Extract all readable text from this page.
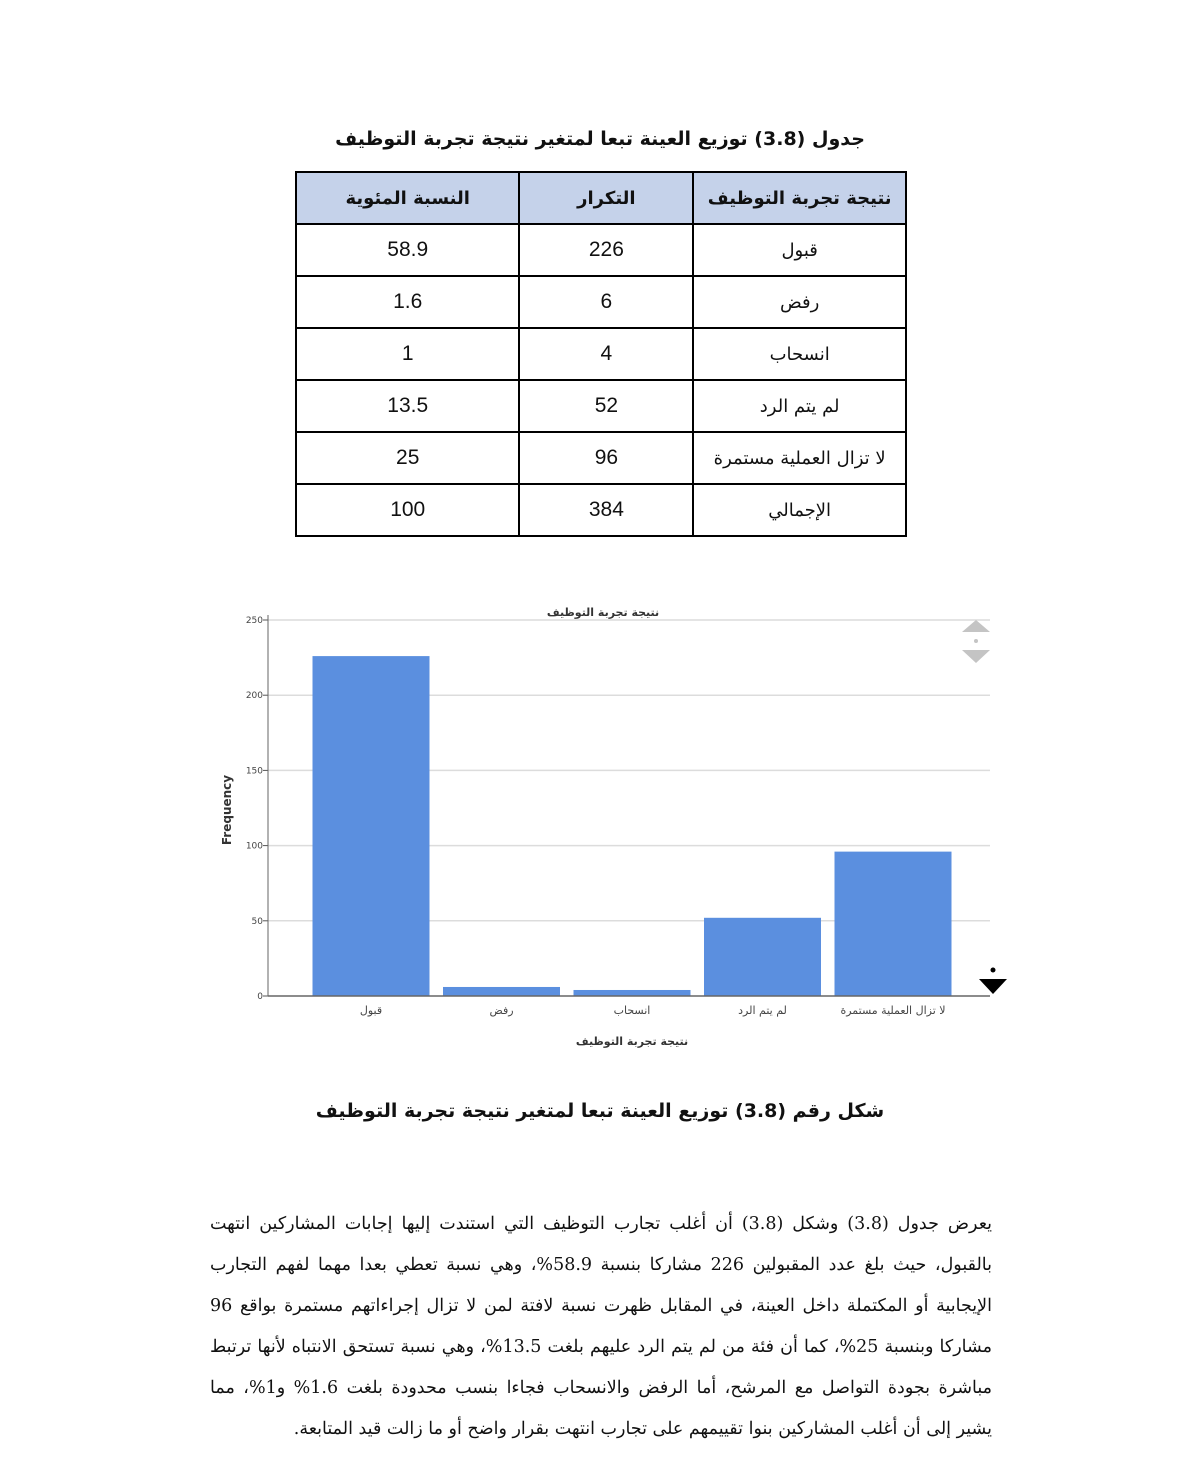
جدول (3.8) توزيع العينة تبعا لمتغير نتيجة تجربة التوظيف
نتيجة تجربة التوظيف	التكرار	النسبة المئوية
قبول	226	58.9
رفض	6	1.6
انسحاب	4	1
لم يتم الرد	52	13.5
لا تزال العملية مستمرة	96	25
الإجمالي	384	100
0
50
100
150
200
250
قبول	رفض	انسحاب	لم يتم الرد	لا تزال العملية مستمرة
نتيجة تجربة التوظيف
نتيجة تجربة التوظيف
Frequency
شكل رقم (3.8) توزيع العينة تبعا لمتغير نتيجة تجربة التوظيف
يعرض جدول (3.8) وشكل (3.8) أن أغلب تجارب التوظيف التي استندت إليها إجابات المشاركين انتهت بالقبول، حيث بلغ عدد المقبولين 226 مشاركا بنسبة 58.9%، وهي نسبة تعطي بعدا مهما لفهم التجارب الإيجابية أو المكتملة داخل العينة، في المقابل ظهرت نسبة لافتة لمن لا تزال إجراءاتهم مستمرة بواقع 96 مشاركا وبنسبة 25%، كما أن فئة من لم يتم الرد عليهم بلغت 13.5%، وهي نسبة تستحق الانتباه لأنها ترتبط مباشرة بجودة التواصل مع المرشح، أما الرفض والانسحاب فجاءا بنسب محدودة بلغت 1.6% و1%، مما يشير إلى أن أغلب المشاركين بنوا تقييمهم على تجارب انتهت بقرار واضح أو ما زالت قيد المتابعة.
